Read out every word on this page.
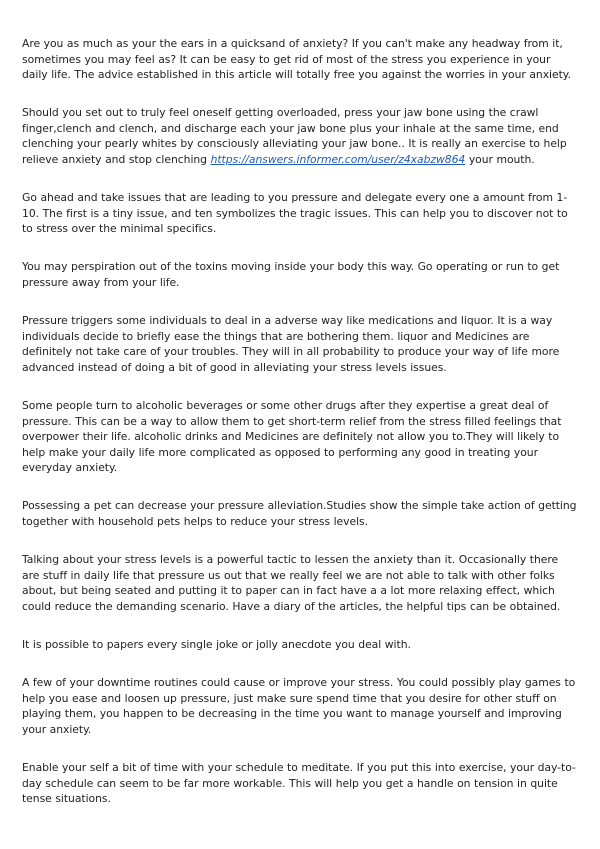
Are you as much as your the ears in a quicksand of anxiety? If you can't make any headway from it, sometimes you may feel as? It can be easy to get rid of most of the stress you experience in your daily life. The advice established in this article will totally free you against the worries in your anxiety.

Should you set out to truly feel oneself getting overloaded, press your jaw bone using the crawl finger,clench and clench, and discharge each your jaw bone plus your inhale at the same time, end clenching your pearly whites by consciously alleviating your jaw bone.. It is really an exercise to help relieve anxiety and stop clenching https://answers.informer.com/user/z4xabzw864 your mouth.

Go ahead and take issues that are leading to you pressure and delegate every one a amount from 1-10. The first is a tiny issue, and ten symbolizes the tragic issues. This can help you to discover not to to stress over the minimal specifics.

You may perspiration out of the toxins moving inside your body this way. Go operating or run to get pressure away from your life.

Pressure triggers some individuals to deal in a adverse way like medications and liquor. It is a way individuals decide to briefly ease the things that are bothering them. liquor and Medicines are definitely not take care of your troubles. They will in all probability to produce your way of life more advanced instead of doing a bit of good in alleviating your stress levels issues.

Some people turn to alcoholic beverages or some other drugs after they expertise a great deal of pressure. This can be a way to allow them to get short-term relief from the stress filled feelings that overpower their life. alcoholic drinks and Medicines are definitely not allow you to.They will likely to help make your daily life more complicated as opposed to performing any good in treating your everyday anxiety.

Possessing a pet can decrease your pressure alleviation.Studies show the simple take action of getting together with household pets helps to reduce your stress levels.

Talking about your stress levels is a powerful tactic to lessen the anxiety than it. Occasionally there are stuff in daily life that pressure us out that we really feel we are not able to talk with other folks about, but being seated and putting it to paper can in fact have a a lot more relaxing effect, which could reduce the demanding scenario. Have a diary of the articles, the helpful tips can be obtained.

It is possible to papers every single joke or jolly anecdote you deal with.

A few of your downtime routines could cause or improve your stress. You could possibly play games to help you ease and loosen up pressure, just make sure spend time that you desire for other stuff on playing them, you happen to be decreasing in the time you want to manage yourself and improving your anxiety.

Enable your self a bit of time with your schedule to meditate. If you put this into exercise, your day-to-day schedule can seem to be far more workable. This will help you get a handle on tension in quite tense situations.
